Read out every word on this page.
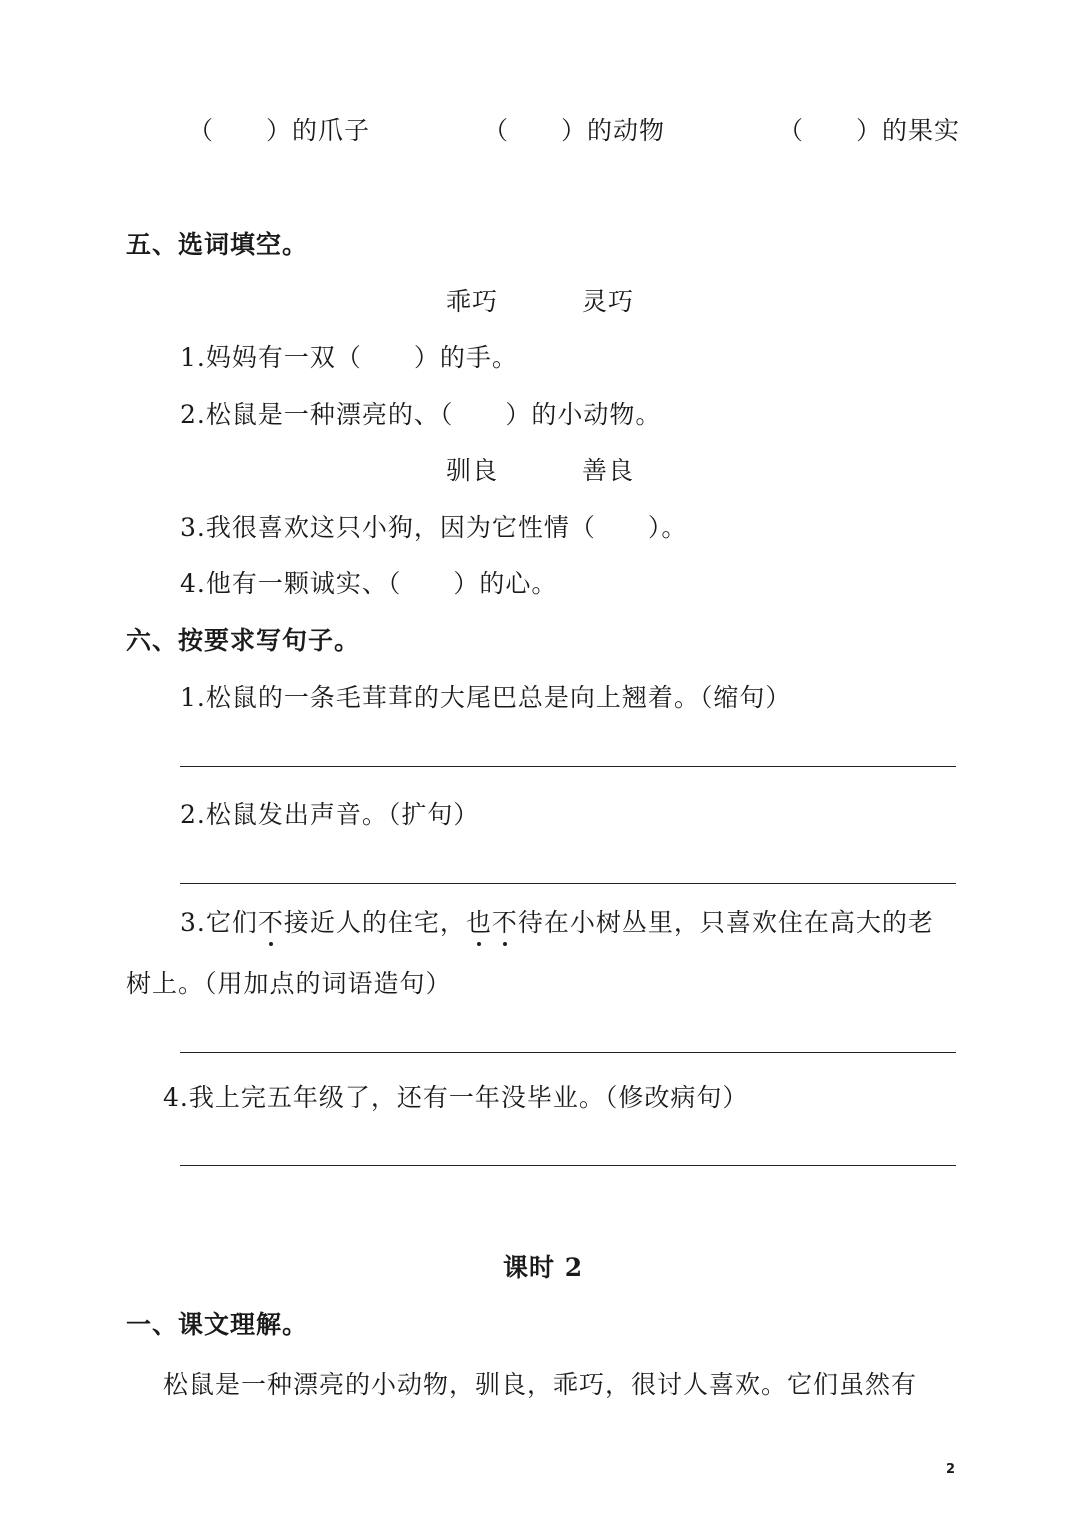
（　　）的爪子	（　　）的动物	（　　）的果实
五、选词填空。
乖巧	灵巧
1.妈妈有一双（　　）的手。
2.松鼠是一种漂亮的、（　　）的小动物。
驯良	善良
3.我很喜欢这只小狗，因为它性情（　　）。
4.他有一颗诚实、（　　）的心。
六、按要求写句子。
1.松鼠的一条毛茸茸的大尾巴总是向上翘着。（缩句）
2.松鼠发出声音。（扩句）
3.它们不接近人的住宅，也不待在小树丛里，只喜欢住在高大的老
树上。（用加点的词语造句）
4.我上完五年级了，还有一年没毕业。（修改病句）
课时 2
一、课文理解。
松鼠是一种漂亮的小动物，驯良，乖巧，很讨人喜欢。它们虽然有
2
